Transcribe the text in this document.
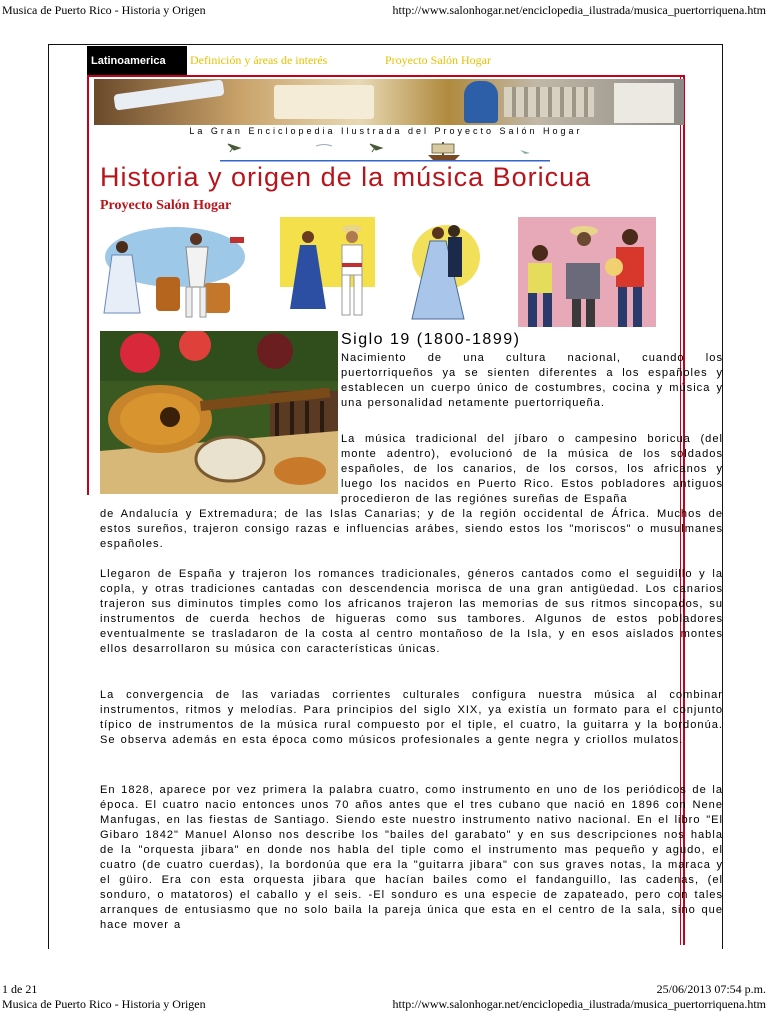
Musica de Puerto Rico - Historia y Origen	http://www.salonhogar.net/enciclopedia_ilustrada/musica_puertorriquena.htm
Latinoamerica	Definición y áreas de interés	Proyecto Salón Hogar
La Gran Enciclopedia Ilustrada del Proyecto Salón Hogar
Historia y origen de la música Boricua
Proyecto Salón Hogar
Siglo 19 (1800-1899)
Nacimiento de una cultura nacional, cuando los puertorriqueños ya se sienten diferentes a los españoles y establecen un cuerpo único de costumbres, cocina y música y una personalidad netamente puertorriqueña.
La música tradicional del jíbaro o campesino boricua (del monte adentro), evolucionó de la música de los soldados españoles, de los canarios, de los corsos, los africanos y luego los nacidos en Puerto Rico. Estos pobladores antiguos procedieron de las regiónes sureñas de España
de Andalucía y Extremadura; de las Islas Canarias; y de la región occidental de África. Muchos de estos sureños, trajeron consigo razas e influencias arábes, siendo estos los "moriscos" o musulmanes españoles.
Llegaron de España y trajeron los romances tradicionales, géneros cantados como el seguidillo y la copla, y otras tradiciones cantadas con descendencia morisca de una gran antigüedad. Los canarios trajeron sus diminutos timples como los africanos trajeron las memorias de sus ritmos sincopados, su instrumentos de cuerda hechos de higueras como sus tambores. Algunos de estos pobladores eventualmente se trasladaron de la costa al centro montañoso de la Isla, y en esos aislados montes ellos desarrollaron su música con características únicas.
La convergencia de las variadas corrientes culturales configura nuestra música al combinar instrumentos, ritmos y melodías. Para principios del siglo XIX, ya existía un formato para el conjunto típico de instrumentos de la música rural compuesto por el tiple, el cuatro, la guitarra y la bordonúa. Se observa además en esta época como músicos profesionales a gente negra y criollos mulatos.
En 1828, aparece por vez primera la palabra cuatro, como instrumento en uno de los periódicos de la época. El cuatro nacio entonces unos 70 años antes que el tres cubano que nació en 1896 con Nene Manfugas, en las fiestas de Santiago. Siendo este nuestro instrumento nativo nacional. En el libro "El Gibaro 1842" Manuel Alonso nos describe los "bailes del garabato" y en sus descripciones nos habla de la "orquesta jibara" en donde nos habla del tiple como el instrumento mas pequeño y agudo, el cuatro (de cuatro cuerdas), la bordonúa que era la "guitarra jibara" con sus graves notas, la maraca y el güiro. Era con esta orquesta jibara que hacían bailes como el fandanguillo, las cadenas, (el sonduro, o matatoros) el caballo y el seis. -El sonduro es una especie de zapateado, pero con tales arranques de entusiasmo que no solo baila la pareja única que esta en el centro de la sala, sino que hace mover a
1 de 21	25/06/2013 07:54 p.m.
Musica de Puerto Rico - Historia y Origen	http://www.salonhogar.net/enciclopedia_ilustrada/musica_puertorriquena.htm
